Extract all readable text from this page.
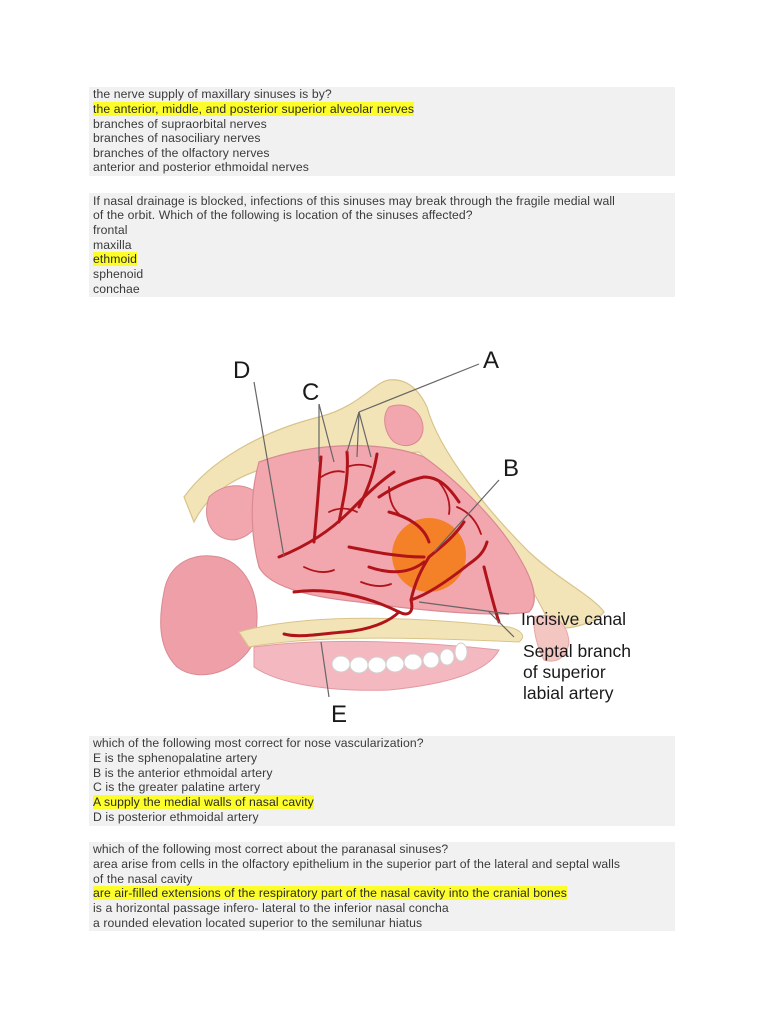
the nerve supply of maxillary sinuses is by?
the anterior, middle, and posterior superior alveolar nerves
branches of supraorbital nerves
branches of nasociliary nerves
branches of the olfactory nerves
anterior and posterior ethmoidal nerves
If nasal drainage is blocked, infections of this sinuses may break through the fragile medial wall
of the orbit. Which of the following is location of the sinuses affected?
frontal
maxilla
ethmoid
sphenoid
conchae
D
C
A
B
E
Incisive canal
Septal branch
of superior
labial artery
which of the following most correct for nose vascularization?
E is the sphenopalatine artery
B is the anterior ethmoidal artery
C is the greater palatine artery
A supply the medial walls of nasal cavity
D is posterior ethmoidal artery
which of the following most correct about the paranasal sinuses?
area arise from cells in the olfactory epithelium in the superior part of the lateral and septal walls
of the nasal cavity
are air-filled extensions of the respiratory part of the nasal cavity into the cranial bones
is a horizontal passage infero- lateral to the inferior nasal concha
a rounded elevation located superior to the semilunar hiatus
